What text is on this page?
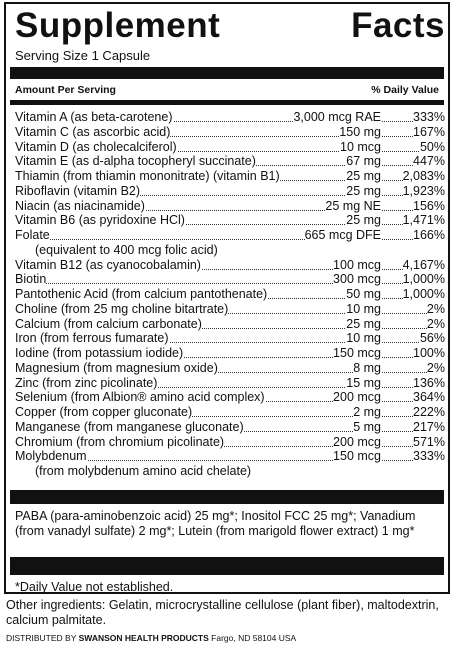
Supplement	Facts
Serving Size 1 Capsule
Amount Per Serving	% Daily Value
Vitamin A (as beta-carotene)	3,000 mcg RAE	333%
Vitamin C (as ascorbic acid)	150 mg	167%
Vitamin D (as cholecalciferol)	10 mcg	50%
Vitamin E (as d-alpha tocopheryl succinate)	67 mg	447%
Thiamin (from thiamin mononitrate) (vitamin B1)	25 mg 2,083%
Riboflavin (vitamin B2)	25 mg 1,923%
Niacin (as niacinamide)	25 mg NE	156%
Vitamin B6 (as pyridoxine HCl)	25 mg 1,471%
Folate	665 mcg DFE	166%
(equivalent to 400 mcg folic acid)
Vitamin B12 (as cyanocobalamin)	100 mcg 4,167%
Biotin	300 mcg 1,000%
Pantothenic Acid (from calcium pantothenate)	50 mg 1,000%
Choline (from 25 mg choline bitartrate)	10 mg	2%
Calcium (from calcium carbonate)	25 mg	2%
Iron (from ferrous fumarate)	10 mg	56%
Iodine (from potassium iodide)	150 mcg	100%
Magnesium (from magnesium oxide)	8 mg	2%
Zinc (from zinc picolinate)	15 mg	136%
Selenium (from Albion® amino acid complex)	200 mcg	364%
Copper (from copper gluconate)	2 mg	222%
Manganese (from manganese gluconate)	5 mg	217%
Chromium (from chromium picolinate)	200 mcg	571%
Molybdenum	150 mcg	333%
(from molybdenum amino acid chelate)
PABA (para-aminobenzoic acid) 25 mg*; Inositol FCC 25 mg*; Vanadium (from vanadyl sulfate) 2 mg*; Lutein (from marigold flower extract) 1 mg*
*Daily Value not established.
Other ingredients: Gelatin, microcrystalline cellulose (plant fiber), maltodextrin, calcium palmitate.
DISTRIBUTED BY SWANSON HEALTH PRODUCTS Fargo, ND 58104 USA
